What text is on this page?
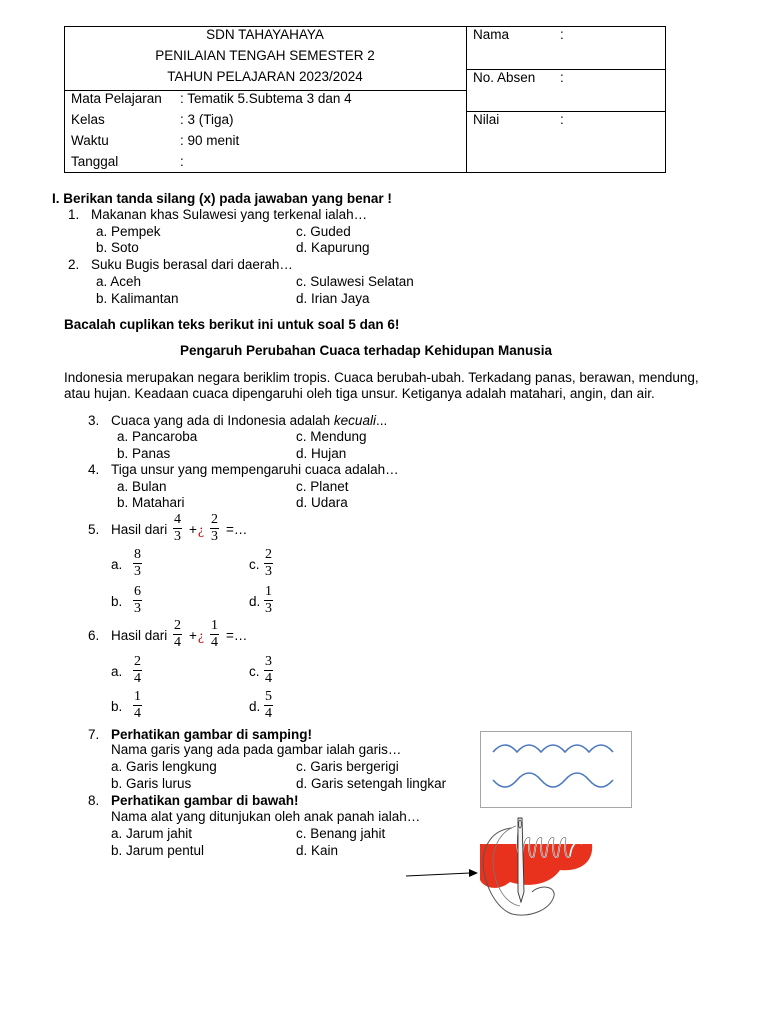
SDN TAHAYAHAYA
PENILAIAN TENGAH SEMESTER 2
TAHUN PELAJARAN 2023/2024
Mata Pelajaran : Tematik 5.Subtema 3 dan 4
Kelas	: 3 (Tiga)
Waktu	: 90 menit
Tanggal	:
Nama	:
No. Absen :
Nilai	:
I. Berikan tanda silang (x) pada jawaban yang benar !
1. Makanan khas Sulawesi yang terkenal ialah…
a. Pempek	c. Guded
b. Soto	d. Kapurung
2. Suku Bugis berasal dari daerah…
a. Aceh	c. Sulawesi Selatan
b. Kalimantan	d. Irian Jaya
Bacalah cuplikan teks berikut ini untuk soal 5 dan 6!
Pengaruh Perubahan Cuaca terhadap Kehidupan Manusia
Indonesia merupakan negara beriklim tropis. Cuaca berubah-ubah. Terkadang panas, berawan, mendung,
atau hujan. Keadaan cuaca dipengaruhi oleh tiga unsur. Ketiganya adalah matahari, angin, dan air.
3. Cuaca yang ada di Indonesia adalah kecuali...
a. Pancaroba	c. Mendung
b. Panas	d. Hujan
4. Tiga unsur yang mempengaruhi cuaca adalah…
a. Bulan	c. Planet
b. Matahari	d. Udara
5. Hasil dari $\frac{4}{3}$ + ¿ $\frac{2}{3}$ =…
a. $\frac{8}{3}$	c. $\frac{2}{3}$
b. $\frac{6}{3}$	d. $\frac{1}{3}$
6. Hasil dari $\frac{2}{4}$ + ¿ $\frac{1}{4}$ =…
a. $\frac{2}{4}$	c. $\frac{3}{4}$
b. $\frac{1}{4}$	d. $\frac{5}{4}$
7. Perhatikan gambar di samping!
Nama garis yang ada pada gambar ialah garis…
a. Garis lengkung	c. Garis bergerigi
b. Garis lurus	d. Garis setengah lingkar
8. Perhatikan gambar di bawah!
Nama alat yang ditunjukan oleh anak panah ialah…
a. Jarum jahit	c. Benang jahit
b. Jarum pentul	d. Kain
